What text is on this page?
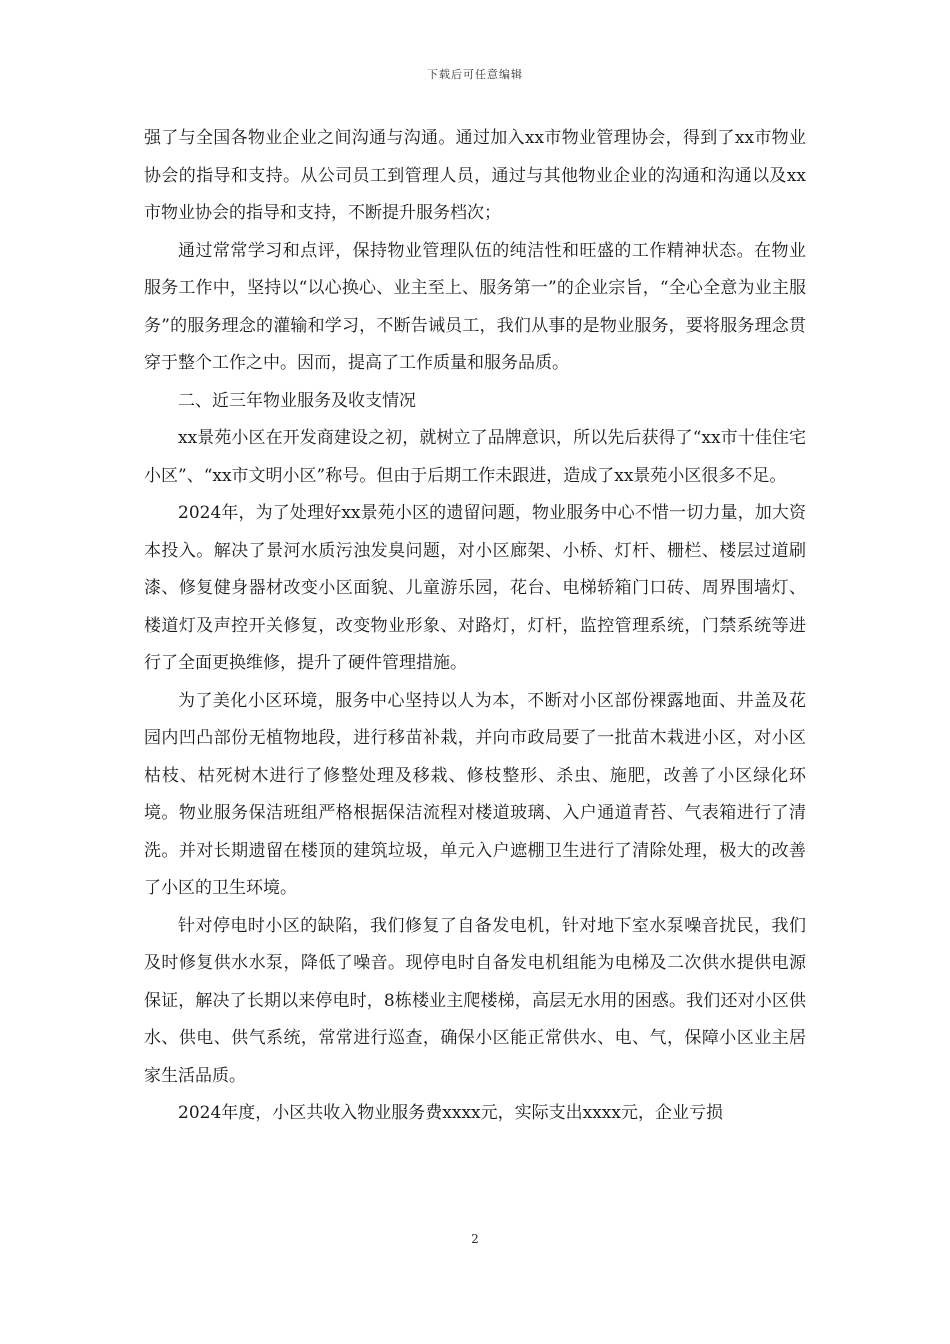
下载后可任意编辑

强了与全国各物业企业之间沟通与沟通。通过加入xx市物业管理协会，得到了xx市物业协会的指导和支持。从公司员工到管理人员，通过与其他物业企业的沟通和沟通以及xx市物业协会的指导和支持，不断提升服务档次；

通过常常学习和点评，保持物业管理队伍的纯洁性和旺盛的工作精神状态。在物业服务工作中，坚持以“以心换心、业主至上、服务第一”的企业宗旨，“全心全意为业主服务”的服务理念的灌输和学习，不断告诫员工，我们从事的是物业服务，要将服务理念贯穿于整个工作之中。因而，提高了工作质量和服务品质。

二、近三年物业服务及收支情况

xx景苑小区在开发商建设之初，就树立了品牌意识，所以先后获得了“xx市十佳住宅小区”、“xx市文明小区”称号。但由于后期工作未跟进，造成了xx景苑小区很多不足。

2024年，为了处理好xx景苑小区的遗留问题，物业服务中心不惜一切力量，加大资本投入。解决了景河水质污浊发臭问题，对小区廊架、小桥、灯杆、栅栏、楼层过道刷漆、修复健身器材改变小区面貌、儿童游乐园，花台、电梯轿箱门口砖、周界围墙灯、楼道灯及声控开关修复，改变物业形象、对路灯，灯杆，监控管理系统，门禁系统等进行了全面更换维修，提升了硬件管理措施。

为了美化小区环境，服务中心坚持以人为本，不断对小区部份裸露地面、井盖及花园内凹凸部份无植物地段，进行移苗补栽，并向市政局要了一批苗木栽进小区，对小区枯枝、枯死树木进行了修整处理及移栽、修枝整形、杀虫、施肥，改善了小区绿化环境。物业服务保洁班组严格根据保洁流程对楼道玻璃、入户通道青苔、气表箱进行了清洗。并对长期遗留在楼顶的建筑垃圾，单元入户遮棚卫生进行了清除处理，极大的改善了小区的卫生环境。

针对停电时小区的缺陷，我们修复了自备发电机，针对地下室水泵噪音扰民，我们及时修复供水水泵，降低了噪音。现停电时自备发电机组能为电梯及二次供水提供电源保证，解决了长期以来停电时，8栋楼业主爬楼梯，高层无水用的困惑。我们还对小区供水、供电、供气系统，常常进行巡查，确保小区能正常供水、电、气，保障小区业主居家生活品质。

2024年度，小区共收入物业服务费xxxx元，实际支出xxxx元，企业亏损

2
